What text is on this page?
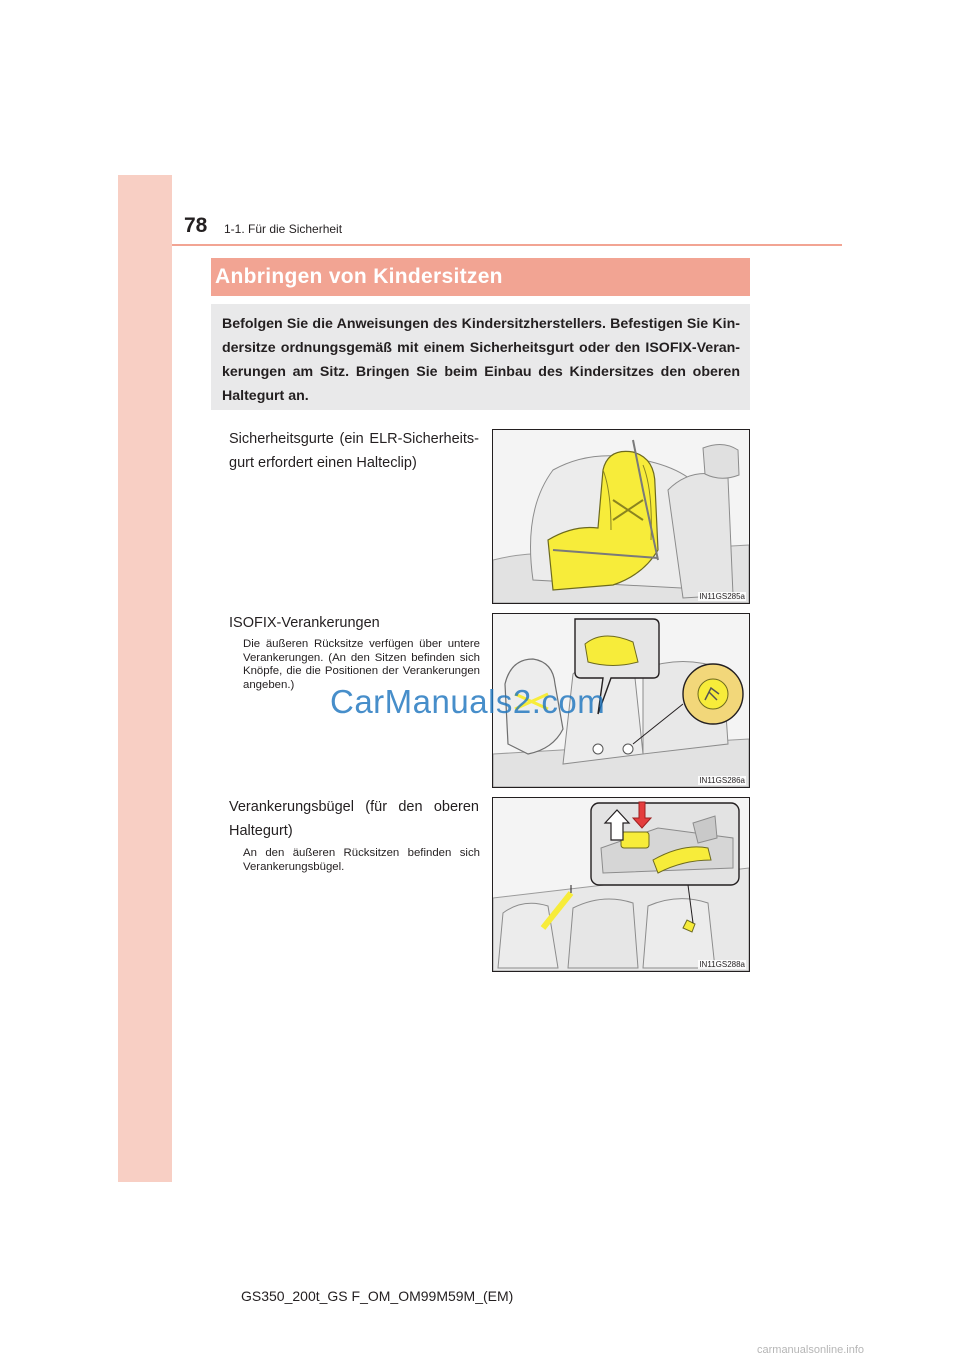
78 1-1. Für die Sicherheit
Anbringen von Kindersitzen

Befolgen Sie die Anweisungen des Kindersitzherstellers. Befestigen Sie Kin-dersitze ordnungsgemäß mit einem Sicherheitsgurt oder den ISOFIX-Veran-kerungen am Sitz. Bringen Sie beim Einbau des Kindersitzes den oberen Haltegurt an.

Sicherheitsgurte (ein ELR-Sicherheits-gurt erfordert einen Halteclip)

IN11GS285a

ISOFIX-Verankerungen

Die äußeren Rücksitze verfügen über untere Verankerungen. (An den Sitzen befinden sich Knöpfe, die die Positionen der Verankerungen angeben.)

IN11GS286a

Verankerungsbügel (für den oberen Haltegurt)

An den äußeren Rücksitzen befinden sich Verankerungsbügel.

IN11GS288a
CarManuals2.com
GS350_200t_GS F_OM_OM99M59M_(EM)
carmanualsonline.info
